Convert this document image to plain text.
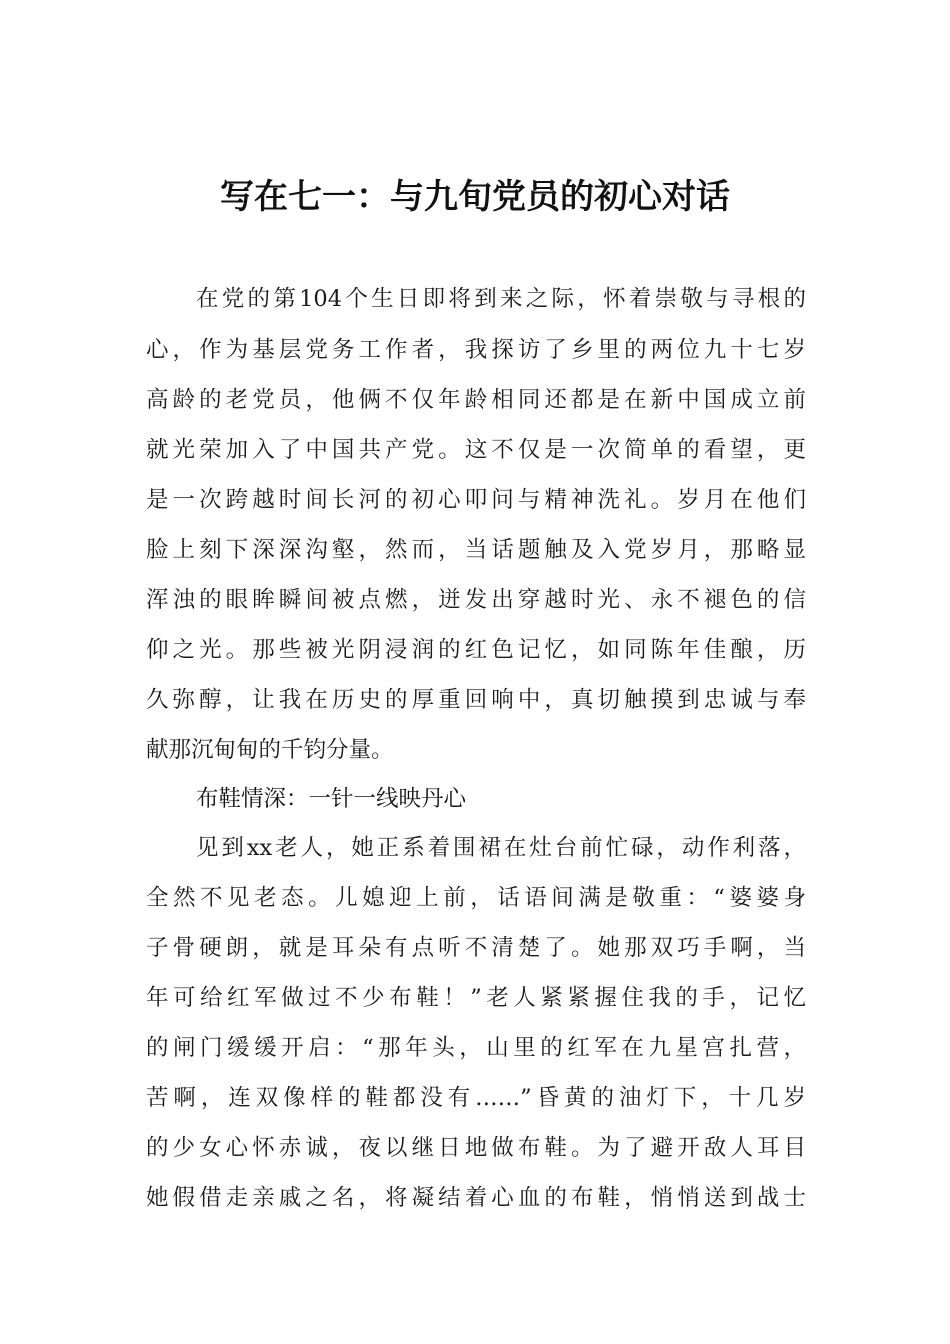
写在七一：与九旬党员的初心对话
在党的第104个生日即将到来之际，怀着崇敬与寻根的
心，作为基层党务工作者，我探访了乡里的两位九十七岁
高龄的老党员，他俩不仅年龄相同还都是在新中国成立前
就光荣加入了中国共产党。这不仅是一次简单的看望，更
是一次跨越时间长河的初心叩问与精神洗礼。岁月在他们
脸上刻下深深沟壑，然而，当话题触及入党岁月，那略显
浑浊的眼眸瞬间被点燃，迸发出穿越时光、永不褪色的信
仰之光。那些被光阴浸润的红色记忆，如同陈年佳酿，历
久弥醇，让我在历史的厚重回响中，真切触摸到忠诚与奉
献那沉甸甸的千钧分量。
布鞋情深：一针一线映丹心
见到xx老人，她正系着围裙在灶台前忙碌，动作利落，
全然不见老态。儿媳迎上前，话语间满是敬重：“婆婆身
子骨硬朗，就是耳朵有点听不清楚了。她那双巧手啊，当
年可给红军做过不少布鞋！”老人紧紧握住我的手，记忆
的闸门缓缓开启：“那年头，山里的红军在九星宫扎营，
苦啊，连双像样的鞋都没有……”昏黄的油灯下，十几岁
的少女心怀赤诚，夜以继日地做布鞋。为了避开敌人耳目
她假借走亲戚之名，将凝结着心血的布鞋，悄悄送到战士
